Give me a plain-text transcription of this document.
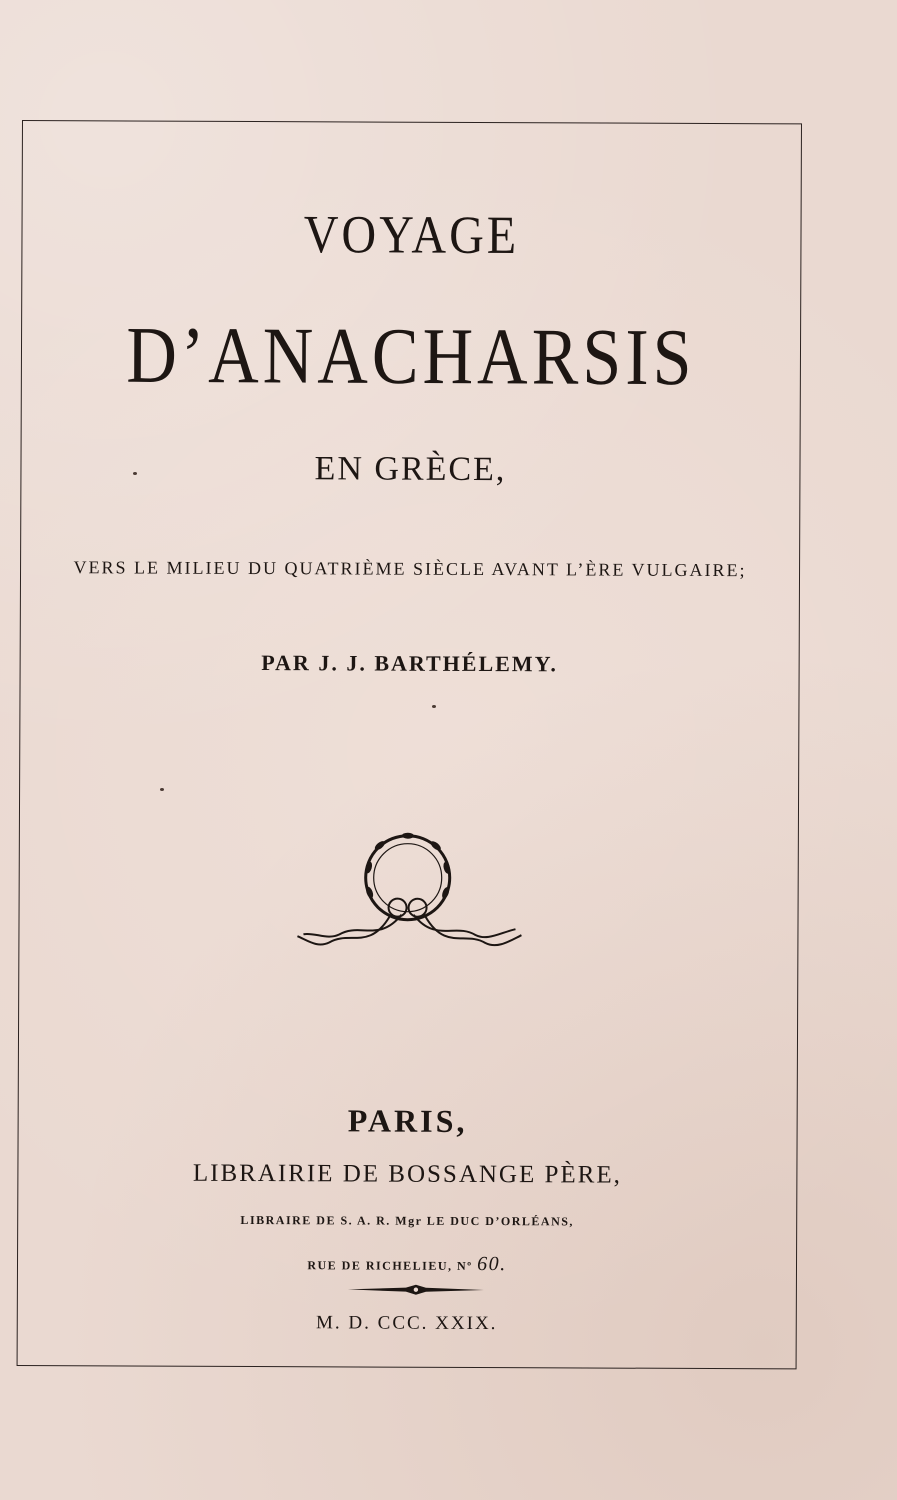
VOYAGE
D’ANACHARSIS
EN GRÈCE,
VERS LE MILIEU DU QUATRIÈME SIÈCLE AVANT L’ÈRE VULGAIRE;
PAR J. J. BARTHÉLEMY.
PARIS,
LIBRAIRIE DE BOSSANGE PÈRE,
LIBRAIRE DE S. A. R. Mgr LE DUC D’ORLÉANS,
RUE DE RICHELIEU, Nº 60.
M. D. CCC. XXIX.
